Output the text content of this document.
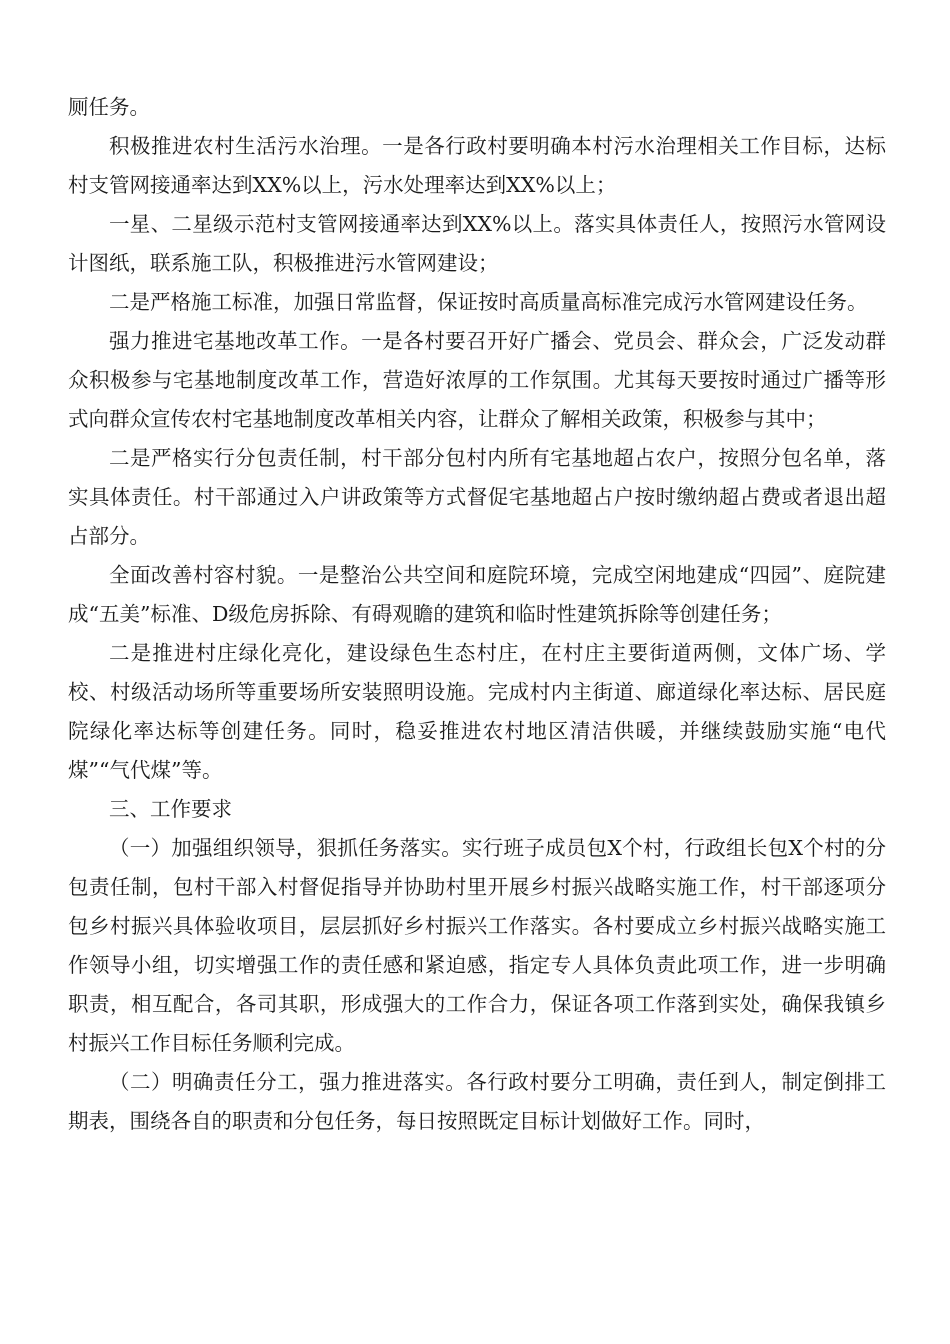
厕任务。

积极推进农村生活污水治理。一是各行政村要明确本村污水治理相关工作目标，达标村支管网接通率达到XX%以上，污水处理率达到XX%以上；

一星、二星级示范村支管网接通率达到XX%以上。落实具体责任人，按照污水管网设计图纸，联系施工队，积极推进污水管网建设；

二是严格施工标准，加强日常监督，保证按时高质量高标准完成污水管网建设任务。

强力推进宅基地改革工作。一是各村要召开好广播会、党员会、群众会，广泛发动群众积极参与宅基地制度改革工作，营造好浓厚的工作氛围。尤其每天要按时通过广播等形式向群众宣传农村宅基地制度改革相关内容，让群众了解相关政策，积极参与其中；

二是严格实行分包责任制，村干部分包村内所有宅基地超占农户，按照分包名单，落实具体责任。村干部通过入户讲政策等方式督促宅基地超占户按时缴纳超占费或者退出超占部分。

全面改善村容村貌。一是整治公共空间和庭院环境，完成空闲地建成“四园”、庭院建成“五美”标准、D级危房拆除、有碍观瞻的建筑和临时性建筑拆除等创建任务；

二是推进村庄绿化亮化，建设绿色生态村庄，在村庄主要街道两侧，文体广场、学校、村级活动场所等重要场所安装照明设施。完成村内主街道、廊道绿化率达标、居民庭院绿化率达标等创建任务。同时，稳妥推进农村地区清洁供暖，并继续鼓励实施“电代煤”“气代煤”等。

三、工作要求

（一）加强组织领导，狠抓任务落实。实行班子成员包X个村，行政组长包X个村的分包责任制，包村干部入村督促指导并协助村里开展乡村振兴战略实施工作，村干部逐项分包乡村振兴具体验收项目，层层抓好乡村振兴工作落实。各村要成立乡村振兴战略实施工作领导小组，切实增强工作的责任感和紧迫感，指定专人具体负责此项工作，进一步明确职责，相互配合，各司其职，形成强大的工作合力，保证各项工作落到实处，确保我镇乡村振兴工作目标任务顺利完成。

（二）明确责任分工，强力推进落实。各行政村要分工明确，责任到人，制定倒排工期表，围绕各自的职责和分包任务，每日按照既定目标计划做好工作。同时，
